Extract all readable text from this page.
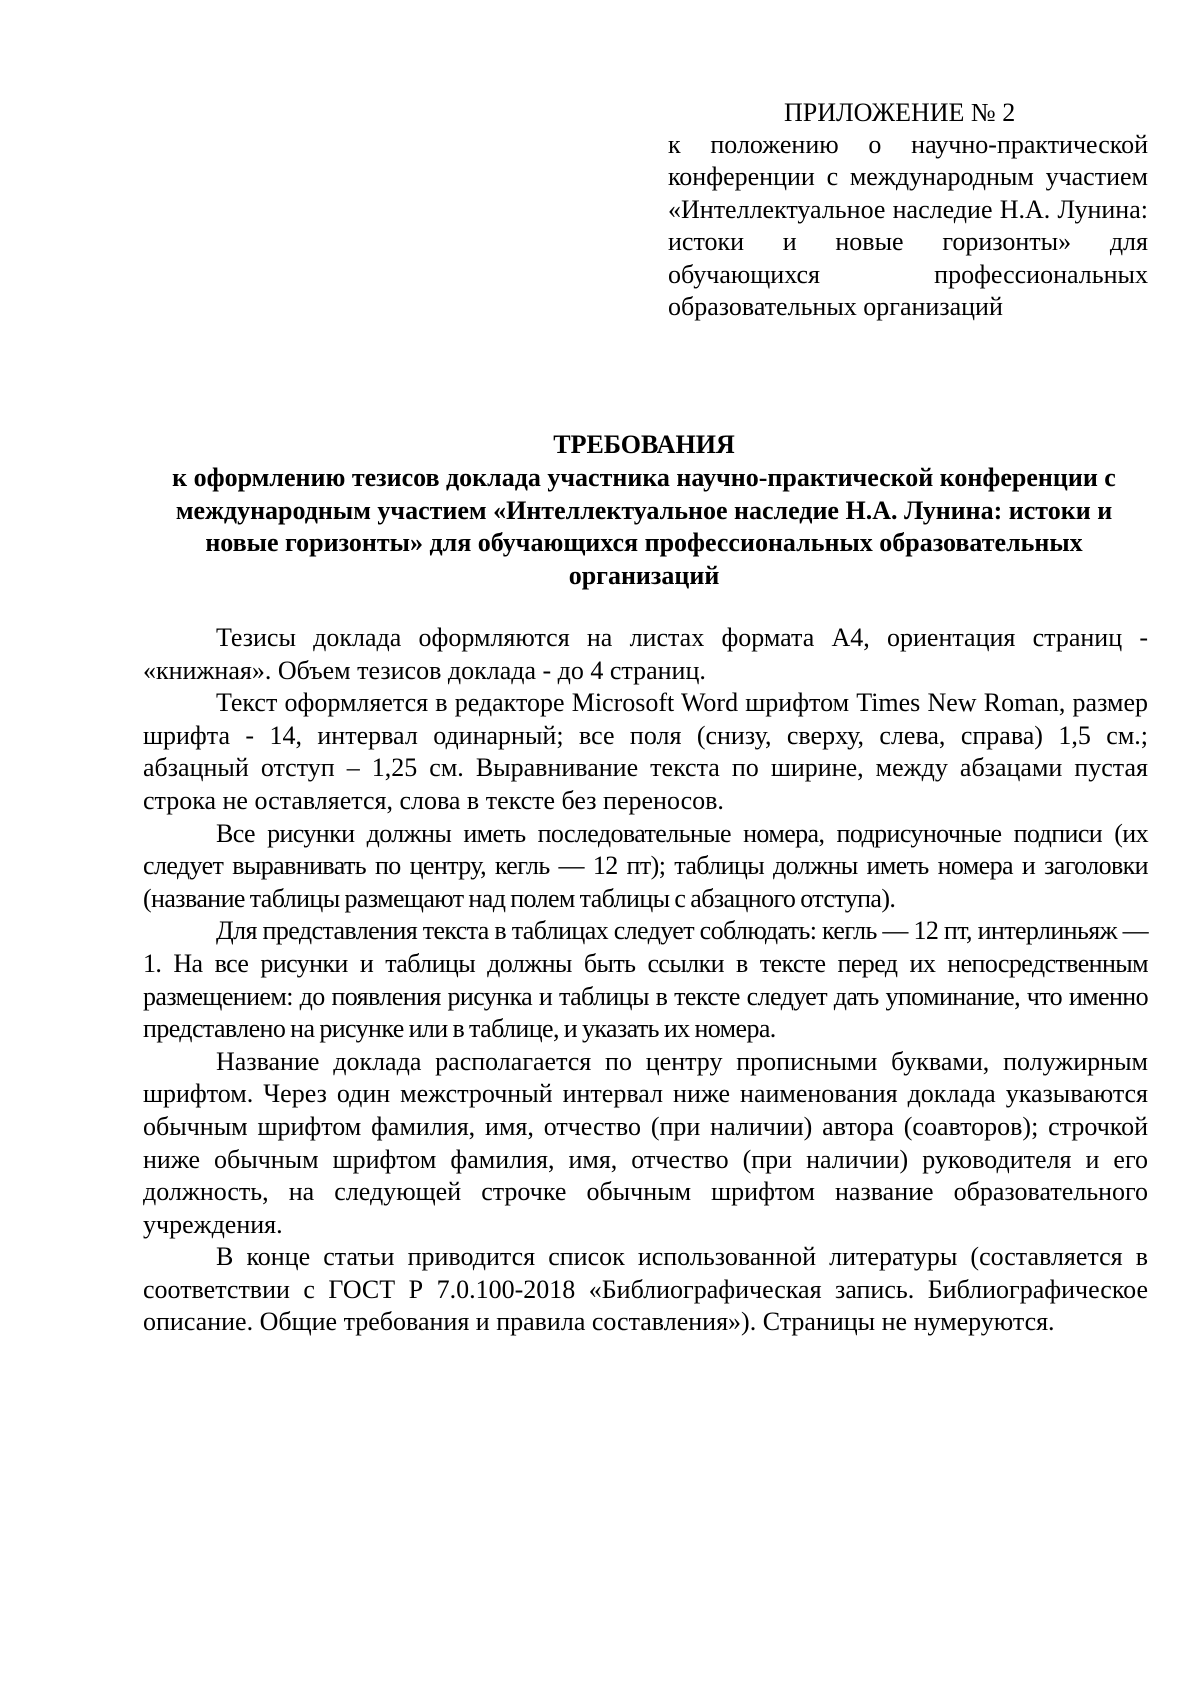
ПРИЛОЖЕНИЕ № 2

к положению о научно-практической конференции с международным участием «Интеллектуальное наследие Н.А. Лунина: истоки и новые горизонты» для обучающихся профессиональных образовательных организаций

ТРЕБОВАНИЯ

к оформлению тезисов доклада участника научно-практической конференции с международным участием «Интеллектуальное наследие Н.А. Лунина: истоки и новые горизонты» для обучающихся профессиональных образовательных организаций

Тезисы доклада оформляются на листах формата А4, ориентация страниц - «книжная». Объем тезисов доклада - до 4 страниц.

Текст оформляется в редакторе Microsoft Word шрифтом Times New Roman, размер шрифта - 14, интервал одинарный; все поля (снизу, сверху, слева, справа) 1,5 см.; абзацный отступ – 1,25 см. Выравнивание текста по ширине, между абзацами пустая строка не оставляется, слова в тексте без переносов.

Все рисунки должны иметь последовательные номера, подрисуночные подписи (их следует выравнивать по центру, кегль — 12 пт); таблицы должны иметь номера и заголовки (название таблицы размещают над полем таблицы с абзацного отступа).

Для представления текста в таблицах следует соблюдать: кегль — 12 пт, интерлиньяж — 1. На все рисунки и таблицы должны быть ссылки в тексте перед их непосредственным размещением: до появления рисунка и таблицы в тексте следует дать упоминание, что именно представлено на рисунке или в таблице, и указать их номера.

Название доклада располагается по центру прописными буквами, полужирным шрифтом. Через один межстрочный интервал ниже наименования доклада указываются обычным шрифтом фамилия, имя, отчество (при наличии) автора (соавторов); строчкой ниже обычным шрифтом фамилия, имя, отчество (при наличии) руководителя и его должность, на следующей строчке обычным шрифтом название образовательного учреждения.

В конце статьи приводится список использованной литературы (составляется в соответствии с ГОСТ Р 7.0.100-2018 «Библиографическая запись. Библиографическое описание. Общие требования и правила составления»). Страницы не нумеруются.
